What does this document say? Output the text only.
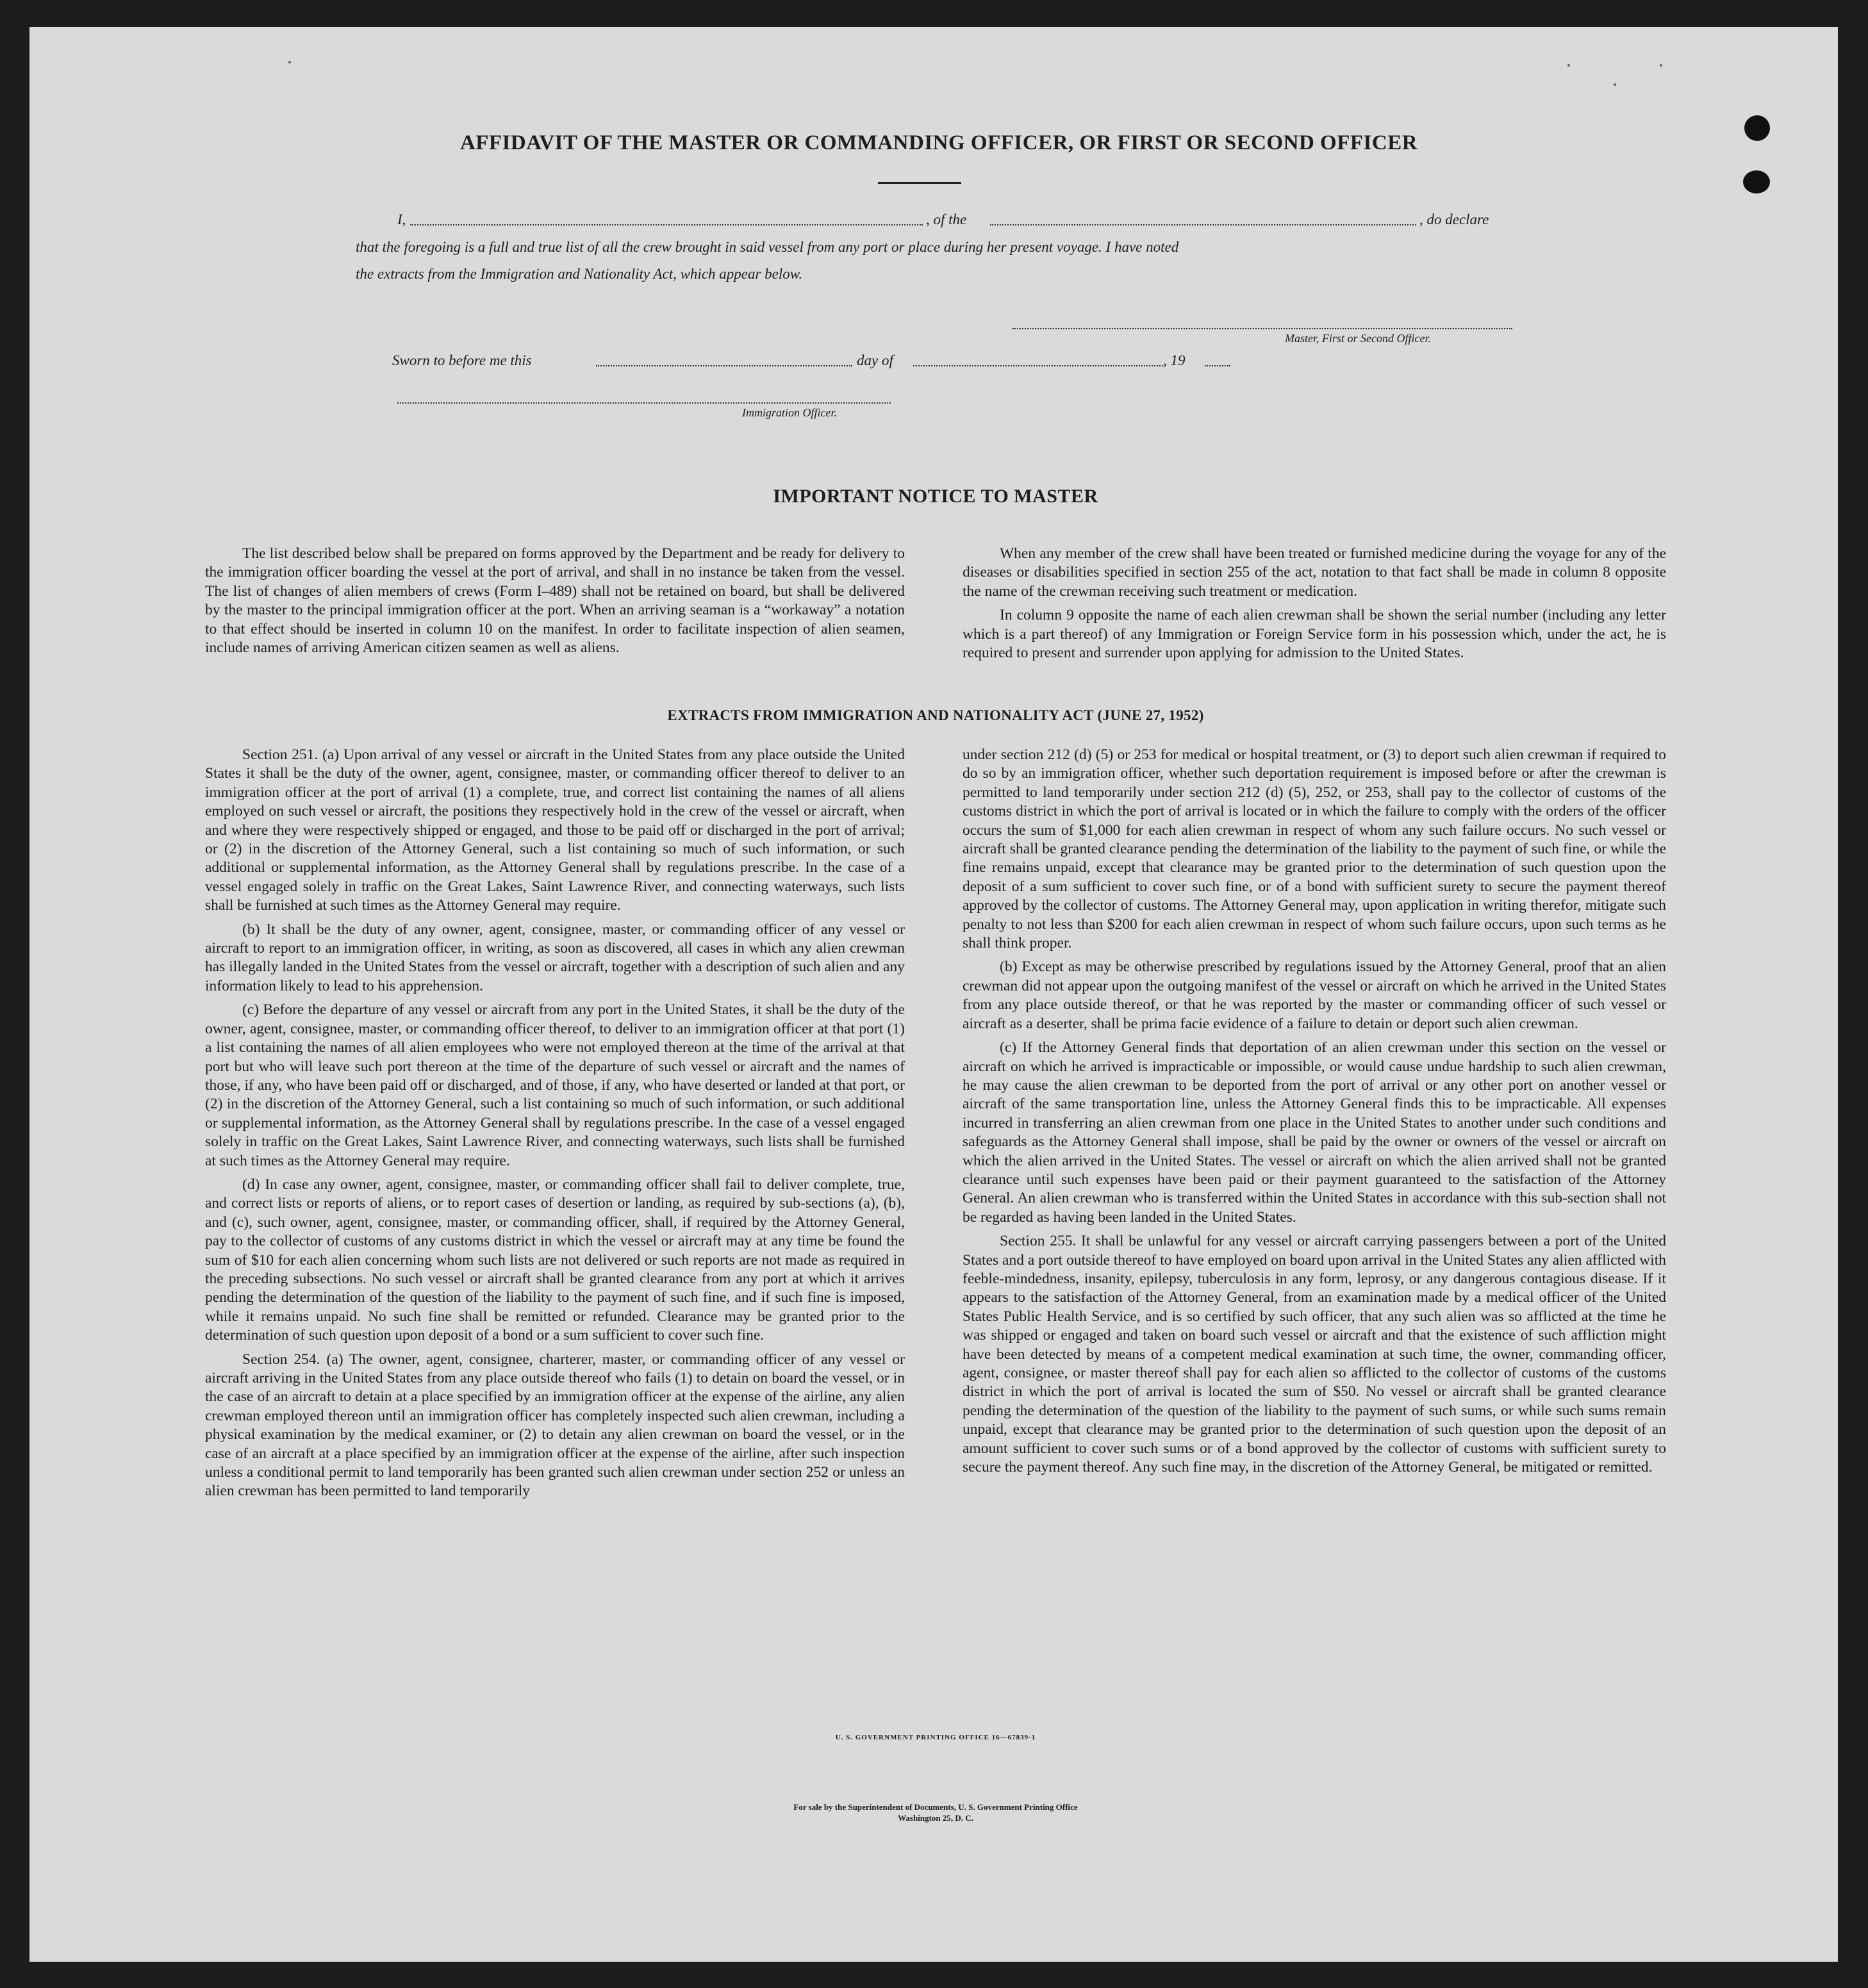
AFFIDAVIT OF THE MASTER OR COMMANDING OFFICER, OR FIRST OR SECOND OFFICER
I,	, of the	, do declare
that the foregoing is a full and true list of all the crew brought in said vessel from any port or place during her present voyage. I have noted
the extracts from the Immigration and Nationality Act, which appear below.
Master, First or Second Officer.
Sworn to before me this	day of	, 19
Immigration Officer.
IMPORTANT NOTICE TO MASTER

The list described below shall be prepared on forms approved by the Department and be ready for delivery to the immigration officer boarding the vessel at the port of arrival, and shall in no instance be taken from the vessel. The list of changes of alien members of crews (Form I–489) shall not be retained on board, but shall be delivered by the master to the principal immigration officer at the port. When an arriving seaman is a “workaway” a notation to that effect should be inserted in column 10 on the manifest. In order to facilitate inspection of alien seamen, include names of arriving American citizen seamen as well as aliens.

When any member of the crew shall have been treated or furnished medicine during the voyage for any of the diseases or disabilities specified in section 255 of the act, notation to that fact shall be made in column 8 opposite the name of the crewman receiving such treatment or medication.

In column 9 opposite the name of each alien crewman shall be shown the serial number (including any letter which is a part thereof) of any Immigration or Foreign Service form in his possession which, under the act, he is required to present and surrender upon applying for admission to the United States.

EXTRACTS FROM IMMIGRATION AND NATIONALITY ACT (JUNE 27, 1952)

Section 251. (a) Upon arrival of any vessel or aircraft in the United States from any place outside the United States it shall be the duty of the owner, agent, consignee, master, or commanding officer thereof to deliver to an immigration officer at the port of arrival (1) a complete, true, and correct list containing the names of all aliens employed on such vessel or aircraft, the positions they respectively hold in the crew of the vessel or aircraft, when and where they were respectively shipped or engaged, and those to be paid off or discharged in the port of arrival; or (2) in the discretion of the Attorney General, such a list containing so much of such information, or such additional or supplemental information, as the Attorney General shall by regulations prescribe. In the case of a vessel engaged solely in traffic on the Great Lakes, Saint Lawrence River, and connecting waterways, such lists shall be furnished at such times as the Attorney General may require.

(b) It shall be the duty of any owner, agent, consignee, master, or commanding officer of any vessel or aircraft to report to an immigration officer, in writing, as soon as discovered, all cases in which any alien crewman has illegally landed in the United States from the vessel or aircraft, together with a description of such alien and any information likely to lead to his apprehension.

(c) Before the departure of any vessel or aircraft from any port in the United States, it shall be the duty of the owner, agent, consignee, master, or commanding officer thereof, to deliver to an immigration officer at that port (1) a list containing the names of all alien employees who were not employed thereon at the time of the arrival at that port but who will leave such port thereon at the time of the departure of such vessel or aircraft and the names of those, if any, who have been paid off or discharged, and of those, if any, who have deserted or landed at that port, or (2) in the discretion of the Attorney General, such a list containing so much of such information, or such additional or supplemental information, as the Attorney General shall by regulations prescribe. In the case of a vessel engaged solely in traffic on the Great Lakes, Saint Lawrence River, and connecting waterways, such lists shall be furnished at such times as the Attorney General may require.

(d) In case any owner, agent, consignee, master, or commanding officer shall fail to deliver complete, true, and correct lists or reports of aliens, or to report cases of desertion or landing, as required by sub-sections (a), (b), and (c), such owner, agent, consignee, master, or commanding officer, shall, if required by the Attorney General, pay to the collector of customs of any customs district in which the vessel or aircraft may at any time be found the sum of $10 for each alien concerning whom such lists are not delivered or such reports are not made as required in the preceding subsections. No such vessel or aircraft shall be granted clearance from any port at which it arrives pending the determination of the question of the liability to the payment of such fine, and if such fine is imposed, while it remains unpaid. No such fine shall be remitted or refunded. Clearance may be granted prior to the determination of such question upon deposit of a bond or a sum sufficient to cover such fine.

Section 254. (a) The owner, agent, consignee, charterer, master, or commanding officer of any vessel or aircraft arriving in the United States from any place outside thereof who fails (1) to detain on board the vessel, or in the case of an aircraft to detain at a place specified by an immigration officer at the expense of the airline, any alien crewman employed thereon until an immigration officer has completely inspected such alien crewman, including a physical examination by the medical examiner, or (2) to detain any alien crewman on board the vessel, or in the case of an aircraft at a place specified by an immigration officer at the expense of the airline, after such inspection unless a conditional permit to land temporarily has been granted such alien crewman under section 252 or unless an alien crewman has been permitted to land temporarily

under section 212 (d) (5) or 253 for medical or hospital treatment, or (3) to deport such alien crewman if required to do so by an immigration officer, whether such deportation requirement is imposed before or after the crewman is permitted to land temporarily under section 212 (d) (5), 252, or 253, shall pay to the collector of customs of the customs district in which the port of arrival is located or in which the failure to comply with the orders of the officer occurs the sum of $1,000 for each alien crewman in respect of whom any such failure occurs. No such vessel or aircraft shall be granted clearance pending the determination of the liability to the payment of such fine, or while the fine remains unpaid, except that clearance may be granted prior to the determination of such question upon the deposit of a sum sufficient to cover such fine, or of a bond with sufficient surety to secure the payment thereof approved by the collector of customs. The Attorney General may, upon application in writing therefor, mitigate such penalty to not less than $200 for each alien crewman in respect of whom such failure occurs, upon such terms as he shall think proper.

(b) Except as may be otherwise prescribed by regulations issued by the Attorney General, proof that an alien crewman did not appear upon the outgoing manifest of the vessel or aircraft on which he arrived in the United States from any place outside thereof, or that he was reported by the master or commanding officer of such vessel or aircraft as a deserter, shall be prima facie evidence of a failure to detain or deport such alien crewman.

(c) If the Attorney General finds that deportation of an alien crewman under this section on the vessel or aircraft on which he arrived is impracticable or impossible, or would cause undue hardship to such alien crewman, he may cause the alien crewman to be deported from the port of arrival or any other port on another vessel or aircraft of the same transportation line, unless the Attorney General finds this to be impracticable. All expenses incurred in transferring an alien crewman from one place in the United States to another under such conditions and safeguards as the Attorney General shall impose, shall be paid by the owner or owners of the vessel or aircraft on which the alien arrived in the United States. The vessel or aircraft on which the alien arrived shall not be granted clearance until such expenses have been paid or their payment guaranteed to the satisfaction of the Attorney General. An alien crewman who is transferred within the United States in accordance with this sub-section shall not be regarded as having been landed in the United States.

Section 255. It shall be unlawful for any vessel or aircraft carrying passengers between a port of the United States and a port outside thereof to have employed on board upon arrival in the United States any alien afflicted with feeble-mindedness, insanity, epilepsy, tuberculosis in any form, leprosy, or any dangerous contagious disease. If it appears to the satisfaction of the Attorney General, from an examination made by a medical officer of the United States Public Health Service, and is so certified by such officer, that any such alien was so afflicted at the time he was shipped or engaged and taken on board such vessel or aircraft and that the existence of such affliction might have been detected by means of a competent medical examination at such time, the owner, commanding officer, agent, consignee, or master thereof shall pay for each alien so afflicted to the collector of customs of the customs district in which the port of arrival is located the sum of $50. No vessel or aircraft shall be granted clearance pending the determination of the question of the liability to the payment of such sums, or while such sums remain unpaid, except that clearance may be granted prior to the determination of such question upon the deposit of an amount sufficient to cover such sums or of a bond approved by the collector of customs with sufficient surety to secure the payment thereof. Any such fine may, in the discretion of the Attorney General, be mitigated or remitted.

U. S. GOVERNMENT PRINTING OFFICE 16—67839-1
For sale by the Superintendent of Documents, U. S. Government Printing Office
Washington 25, D. C.
